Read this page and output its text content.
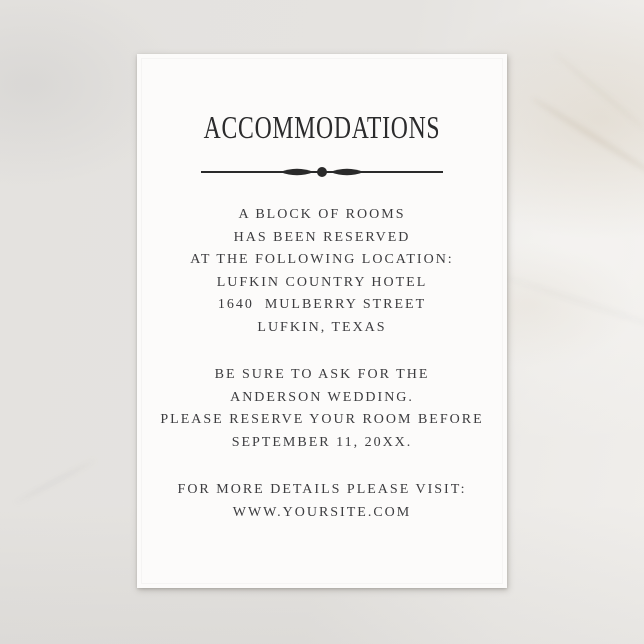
ACCOMMODATIONS
A BLOCK OF ROOMS
HAS BEEN RESERVED
AT THE FOLLOWING LOCATION:
LUFKIN COUNTRY HOTEL
1640  MULBERRY STREET
LUFKIN, TEXAS
BE SURE TO ASK FOR THE
ANDERSON WEDDING.
PLEASE RESERVE YOUR ROOM BEFORE
SEPTEMBER 11, 20XX.
FOR MORE DETAILS PLEASE VISIT:
WWW.YOURSITE.COM
